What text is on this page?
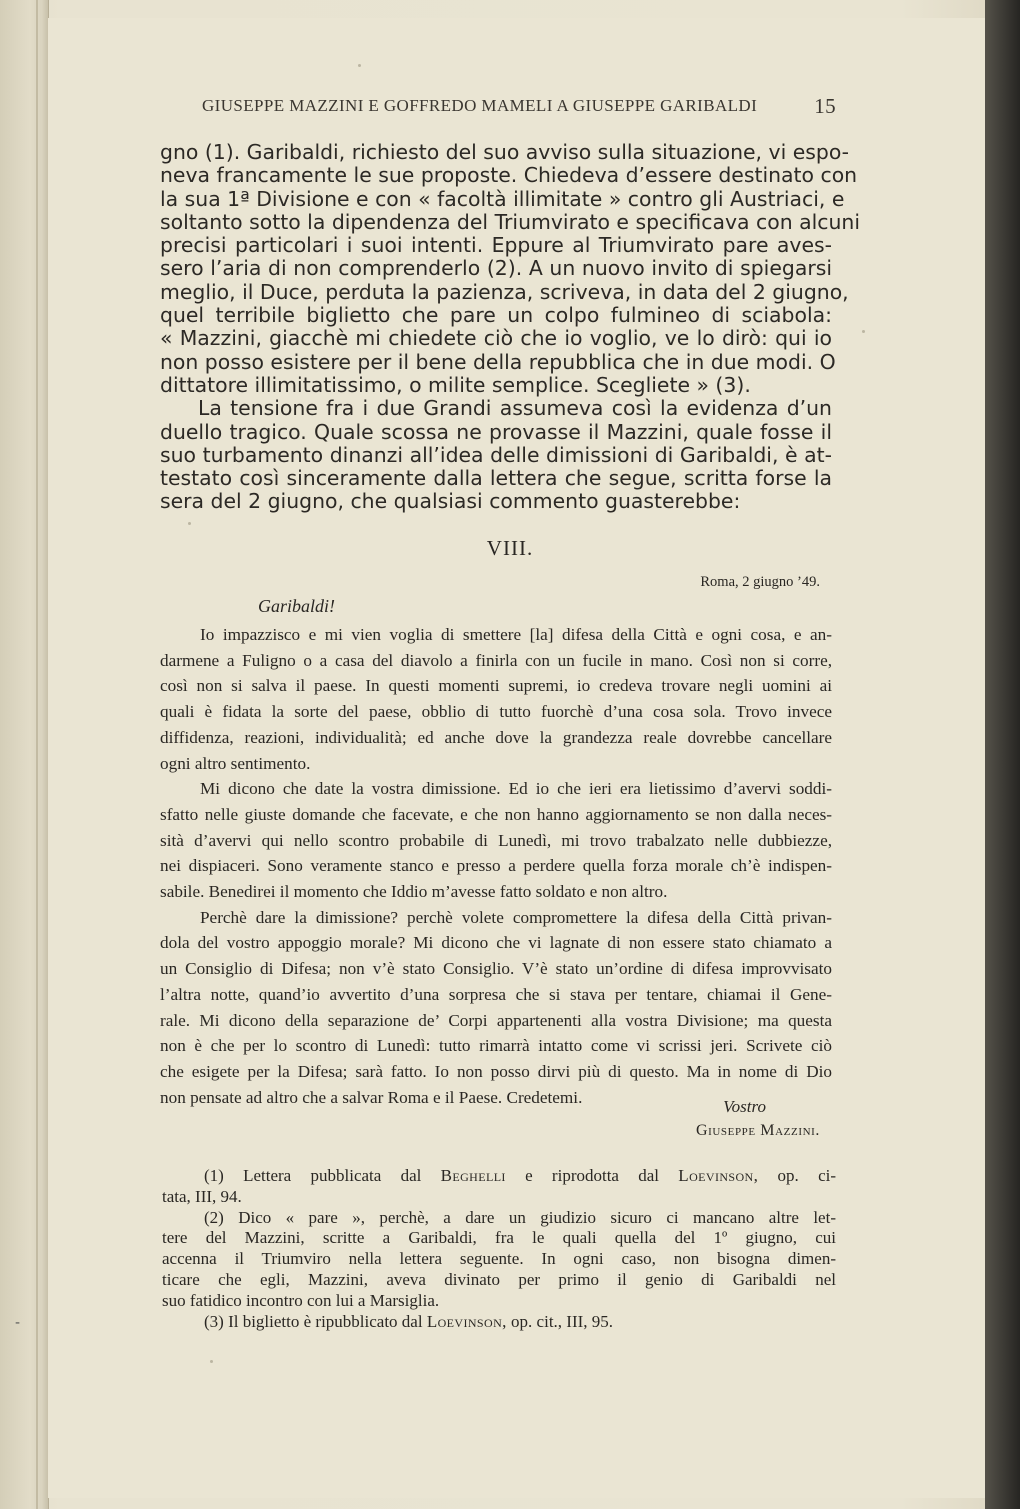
-
GIUSEPPE MAZZINI E GOFFREDO MAMELI A GIUSEPPE GARIBALDI	15
gno (1). Garibaldi, richiesto del suo avviso sulla situazione, vi espo-
neva francamente le sue proposte. Chiedeva d’essere destinato con
la sua 1ª Divisione e con « facoltà illimitate » contro gli Austriaci, e
soltanto sotto la dipendenza del Triumvirato e specificava con alcuni
precisi particolari i suoi intenti. Eppure al Triumvirato pare aves-
sero l’aria di non comprenderlo (2). A un nuovo invito di spiegarsi
meglio, il Duce, perduta la pazienza, scriveva, in data del 2 giugno,
quel terribile biglietto che pare un colpo fulmineo di sciabola:
« Mazzini, giacchè mi chiedete ciò che io voglio, ve lo dirò: qui io
non posso esistere per il bene della repubblica che in due modi. O
dittatore illimitatissimo, o milite semplice. Scegliete » (3).
La tensione fra i due Grandi assumeva così la evidenza d’un
duello tragico. Quale scossa ne provasse il Mazzini, quale fosse il
suo turbamento dinanzi all’idea delle dimissioni di Garibaldi, è at-
testato così sinceramente dalla lettera che segue, scritta forse la
sera del 2 giugno, che qualsiasi commento guasterebbe:
VIII.
Roma, 2 giugno ’49.
Garibaldi!
Io impazzisco e mi vien voglia di smettere [la] difesa della Città e ogni cosa, e an-
darmene a Fuligno o a casa del diavolo a finirla con un fucile in mano. Così non si corre,
così non si salva il paese. In questi momenti supremi, io credeva trovare negli uomini ai
quali è fidata la sorte del paese, obblio di tutto fuorchè d’una cosa sola. Trovo invece
diffidenza, reazioni, individualità; ed anche dove la grandezza reale dovrebbe cancellare
ogni altro sentimento.
Mi dicono che date la vostra dimissione. Ed io che ieri era lietissimo d’avervi soddi-
sfatto nelle giuste domande che facevate, e che non hanno aggiornamento se non dalla neces-
sità d’avervi qui nello scontro probabile di Lunedì, mi trovo trabalzato nelle dubbiezze,
nei dispiaceri. Sono veramente stanco e presso a perdere quella forza morale ch’è indispen-
sabile. Benedirei il momento che Iddio m’avesse fatto soldato e non altro.
Perchè dare la dimissione? perchè volete compromettere la difesa della Città privan-
dola del vostro appoggio morale? Mi dicono che vi lagnate di non essere stato chiamato a
un Consiglio di Difesa; non v’è stato Consiglio. V’è stato un’ordine di difesa improvvisato
l’altra notte, quand’io avvertito d’una sorpresa che si stava per tentare, chiamai il Gene-
rale. Mi dicono della separazione de’ Corpi appartenenti alla vostra Divisione; ma questa
non è che per lo scontro di Lunedì: tutto rimarrà intatto come vi scrissi jeri. Scrivete ciò
che esigete per la Difesa; sarà fatto. Io non posso dirvi più di questo. Ma in nome di Dio
non pensate ad altro che a salvar Roma e il Paese. Credetemi.	Vostro
Giuseppe Mazzini.
(1) Lettera pubblicata dal Beghelli e riprodotta dal Loevinson, op. ci-
tata, III, 94.
(2) Dico « pare », perchè, a dare un giudizio sicuro ci mancano altre let-
tere del Mazzini, scritte a Garibaldi, fra le quali quella del 1º giugno, cui
accenna il Triumviro nella lettera seguente. In ogni caso, non bisogna dimen-
ticare che egli, Mazzini, aveva divinato per primo il genio di Garibaldi nel
suo fatidico incontro con lui a Marsiglia.
(3) Il biglietto è ripubblicato dal Loevinson, op. cit., III, 95.
